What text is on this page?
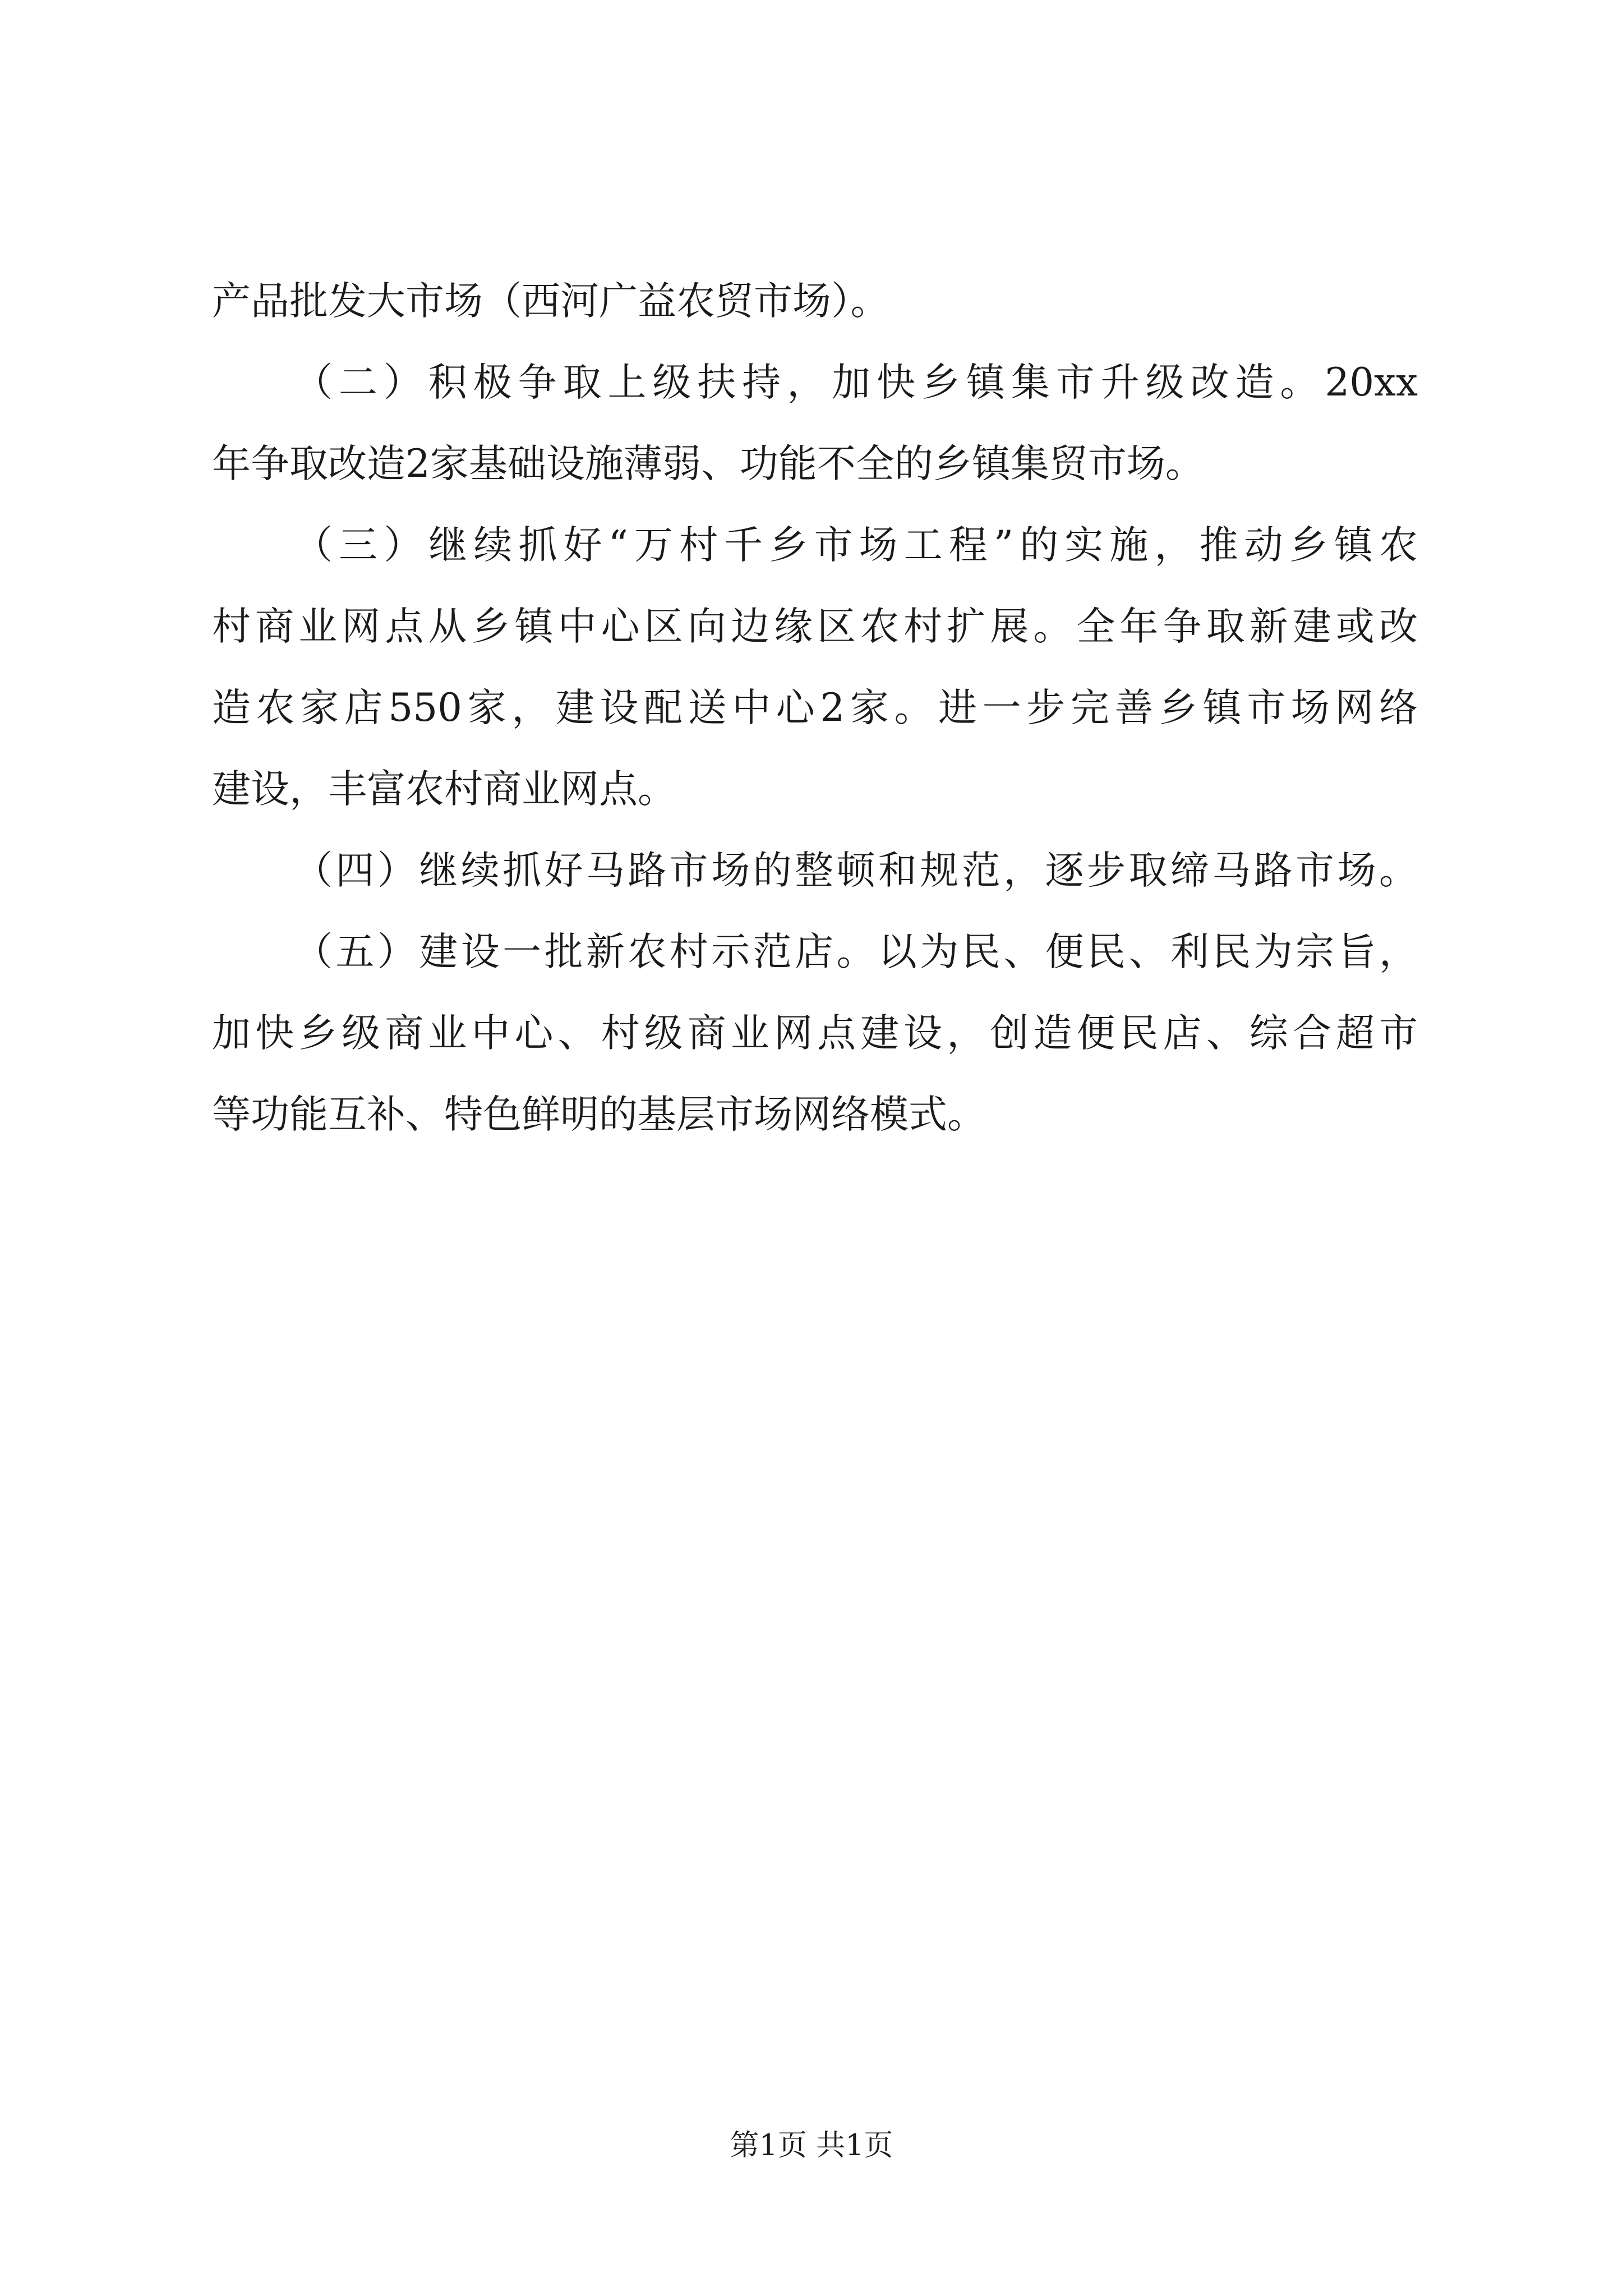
产品批发大市场（西河广益农贸市场）。
（二）积极争取上级扶持，加快乡镇集市升级改造。20xx
年争取改造2家基础设施薄弱、功能不全的乡镇集贸市场。
（三）继续抓好“万村千乡市场工程”的实施，推动乡镇农
村商业网点从乡镇中心区向边缘区农村扩展。全年争取新建或改
造农家店550家，建设配送中心2家。进一步完善乡镇市场网络
建设，丰富农村商业网点。
（四）继续抓好马路市场的整顿和规范，逐步取缔马路市场。
（五）建设一批新农村示范店。以为民、便民、利民为宗旨，
加快乡级商业中心、村级商业网点建设，创造便民店、综合超市
等功能互补、特色鲜明的基层市场网络模式。
第1页 共1页
